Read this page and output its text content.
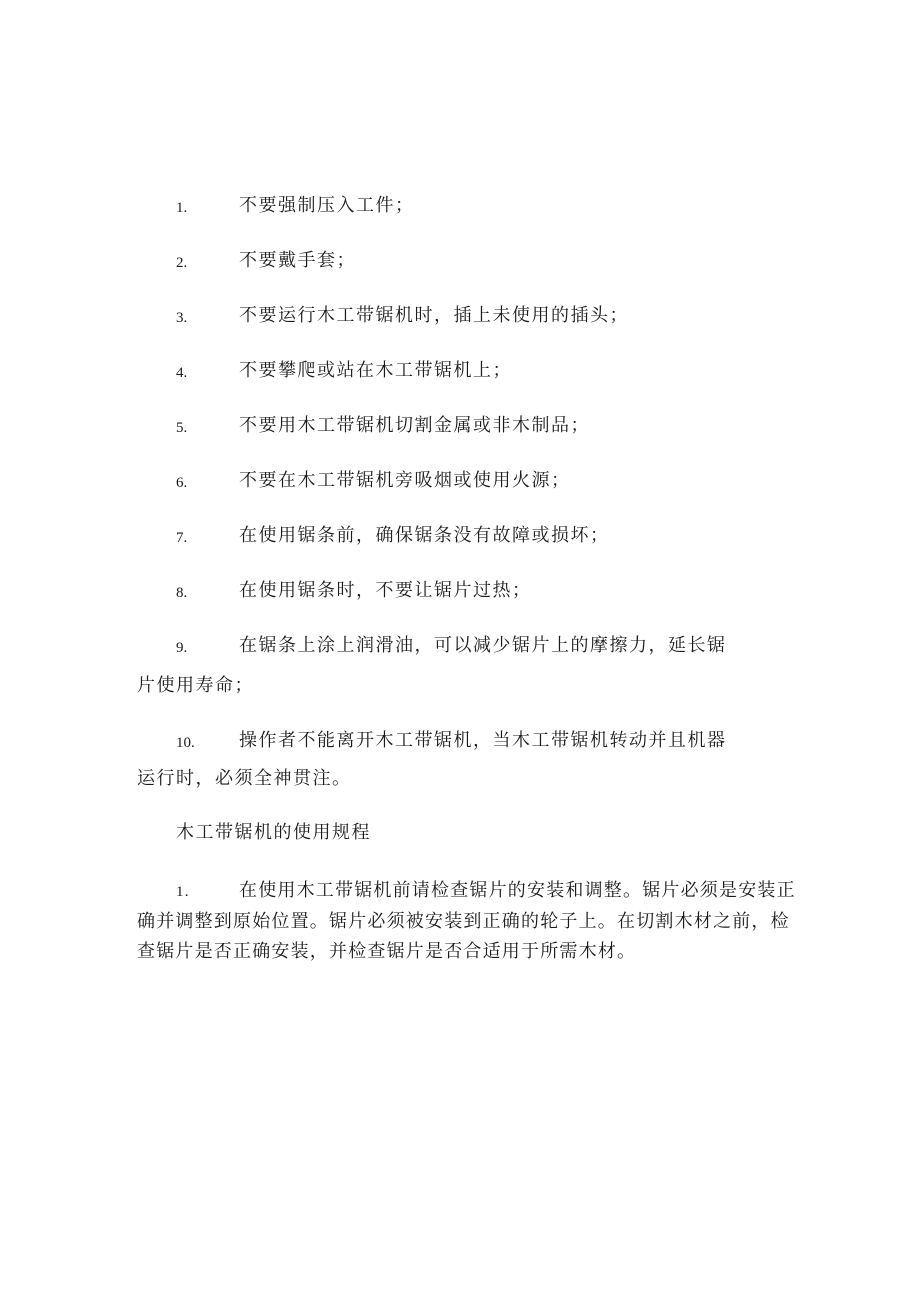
1.	不要强制压入工件；
2.	不要戴手套；
3.	不要运行木工带锯机时，插上未使用的插头；
4.	不要攀爬或站在木工带锯机上；
5.	不要用木工带锯机切割金属或非木制品；
6.	不要在木工带锯机旁吸烟或使用火源；
7.	在使用锯条前，确保锯条没有故障或损坏；
8.	在使用锯条时，不要让锯片过热；
9.	在锯条上涂上润滑油，可以减少锯片上的摩擦力，延长锯
片使用寿命；
10. 操作者不能离开木工带锯机，当木工带锯机转动并且机器
运行时，必须全神贯注。
木工带锯机的使用规程
1.	在使用木工带锯机前请检查锯片的安装和调整。锯片必须是安装正确并调整到原始位置。锯片必须被安装到正确的轮子上。在切割木材之前，检查锯片是否正确安装，并检查锯片是否合适用于所需木材。
